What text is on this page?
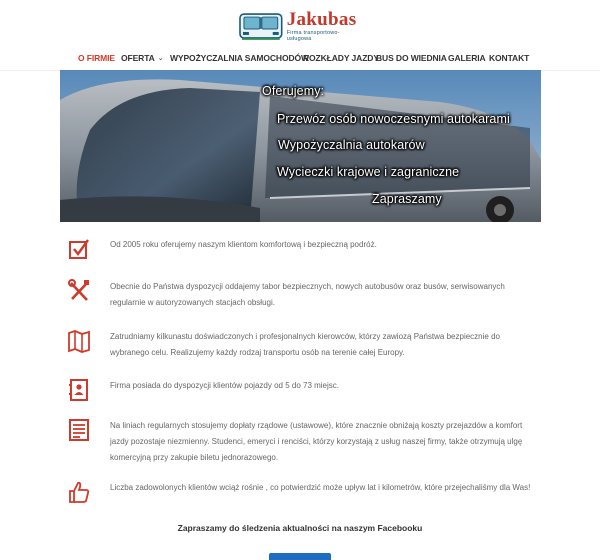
Jakubas
Firma transportowo-usługowa
O FIRMIE OFERTA ⌄ WYPOŻYCZALNIA SAMOCHODÓW
ROZKŁADY JAZDY
BUS DO WIEDNIA GALERIA KONTAKT
Oferujemy:
Przewóz osób nowoczesnymi autokarami
Wypożyczalnia autokarów
Wycieczki krajowe i zagraniczne
Zapraszamy
Od 2005 roku oferujemy naszym klientom komfortową i bezpieczną podróż.
Obecnie do Państwa dyspozycji oddajemy tabor bezpiecznych, nowych autobusów oraz busów, serwisowanych regularnie w autoryzowanych stacjach obsługi.
Zatrudniamy kilkunastu doświadczonych i profesjonalnych kierowców, którzy zawiozą Państwa bezpiecznie do wybranego celu. Realizujemy każdy rodzaj transportu osób na terenie całej Europy.
Firma posiada do dyspozycji klientów pojazdy od 5 do 73 miejsc.
Na liniach regularnych stosujemy dopłaty rządowe (ustawowe), które znacznie obniżają koszty przejazdów a komfort jazdy pozostaje niezmienny. Studenci, emeryci i renciści, którzy korzystają z usług naszej firmy, także otrzymują ulgę komercyjną przy zakupie biletu jednorazowego.
Liczba zadowolonych klientów wciąż rośnie , co potwierdzić może upływ lat i kilometrów, które przejechaliśmy dla Was!
Zapraszamy do śledzenia aktualności na naszym Facebooku
